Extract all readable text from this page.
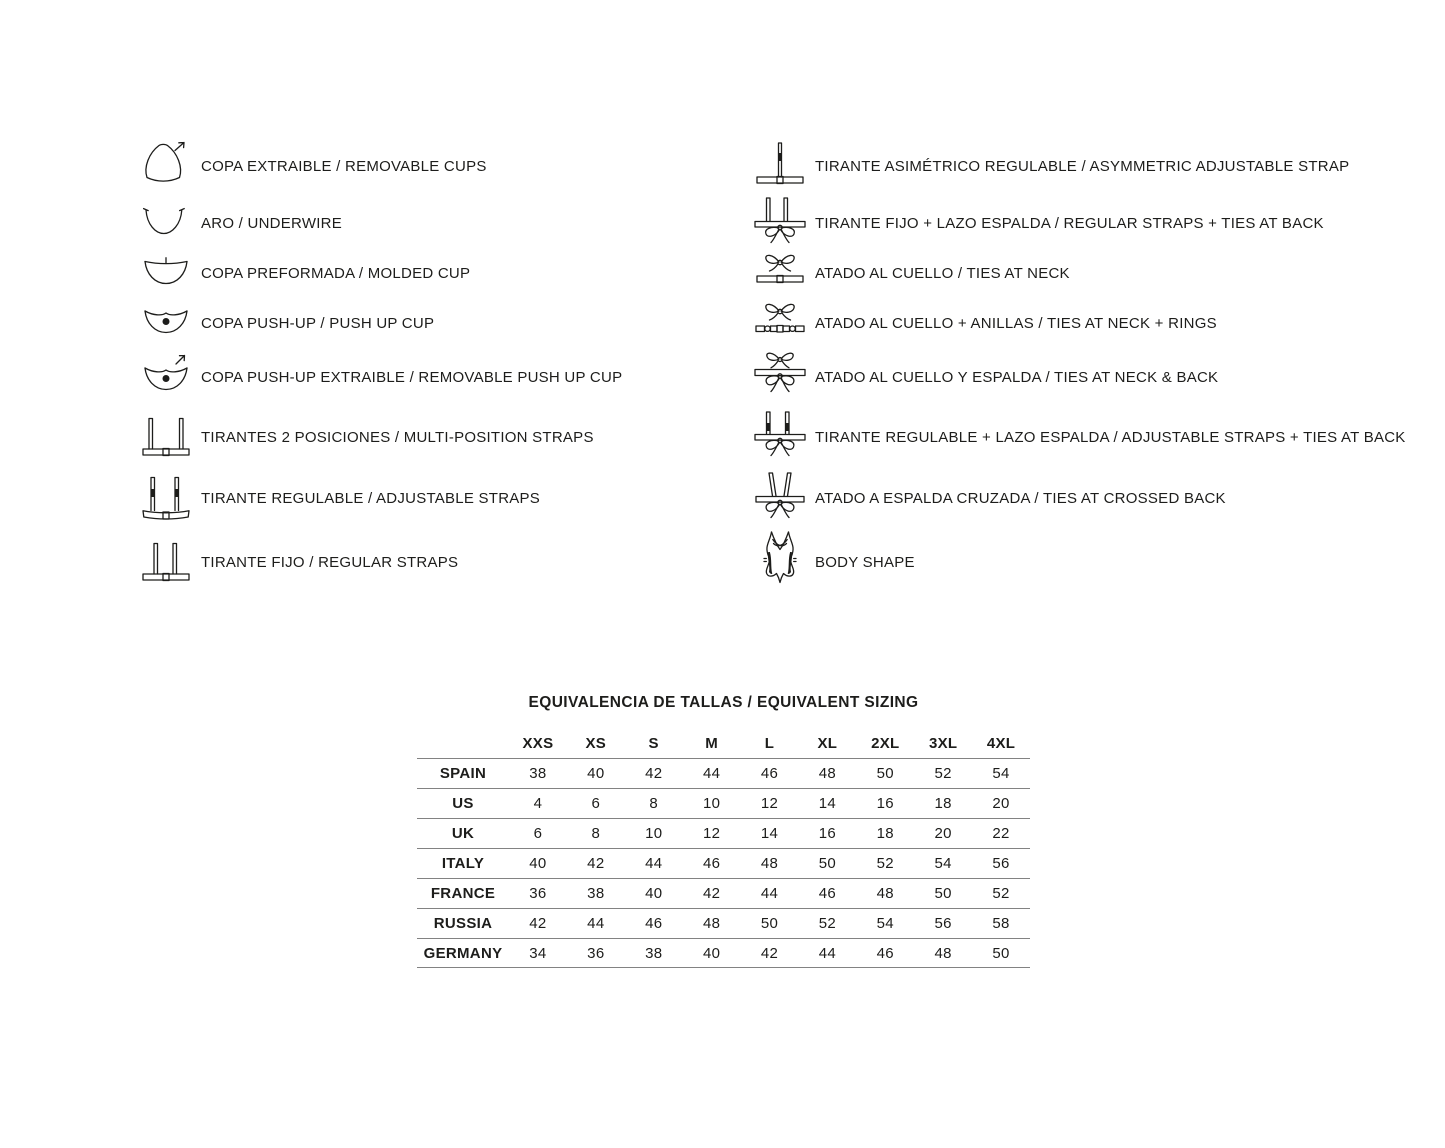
COPA EXTRAIBLE / REMOVABLE CUPS
ARO / UNDERWIRE
COPA PREFORMADA / MOLDED CUP
COPA PUSH-UP / PUSH UP CUP
COPA PUSH-UP EXTRAIBLE / REMOVABLE PUSH UP CUP
TIRANTES 2 POSICIONES / MULTI-POSITION STRAPS
TIRANTE REGULABLE / ADJUSTABLE STRAPS
TIRANTE FIJO / REGULAR STRAPS
TIRANTE ASIMÉTRICO REGULABLE / ASYMMETRIC ADJUSTABLE STRAP
TIRANTE FIJO + LAZO ESPALDA / REGULAR STRAPS + TIES AT BACK
ATADO AL CUELLO / TIES AT NECK
ATADO AL CUELLO + ANILLAS / TIES AT NECK + RINGS
ATADO AL CUELLO Y ESPALDA / TIES AT NECK & BACK
TIRANTE REGULABLE + LAZO ESPALDA / ADJUSTABLE STRAPS + TIES AT BACK
ATADO A ESPALDA CRUZADA / TIES AT CROSSED BACK
BODY SHAPE
EQUIVALENCIA DE TALLAS / EQUIVALENT SIZING
XXS	XS	S	M	L	XL	2XL	3XL	4XL
SPAIN	38	40	42	44	46	48	50	52	54
US	4	6	8	10	12	14	16	18	20
UK	6	8	10	12	14	16	18	20	22
ITALY	40	42	44	46	48	50	52	54	56
FRANCE	36	38	40	42	44	46	48	50	52
RUSSIA	42	44	46	48	50	52	54	56	58
GERMANY	34	36	38	40	42	44	46	48	50
